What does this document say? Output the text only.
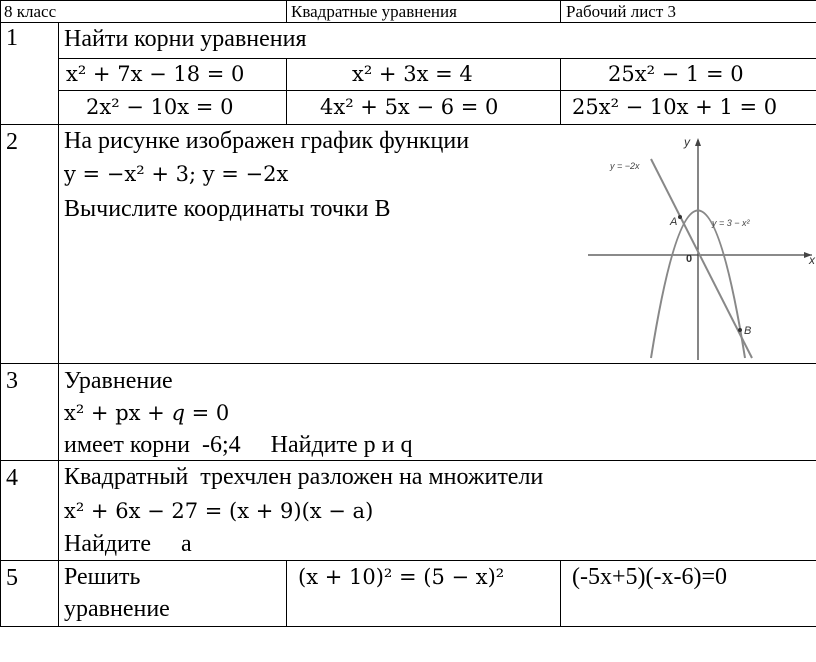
8 класс	Квадратные уравнения	Рабочий лист 3
1 Найти корни уравнения
x² + 7x − 18 = 0	x² + 3x = 4	25x² − 1 = 0
2x² − 10x = 0	4x² + 5x − 6 = 0	25x² − 10x + 1 = 0
2 На рисунке изображен график функции
y = −x² + 3; y = −2x
Вычислите координаты точки B
x
y
0
A
B
y = −2x
y = 3 − x²
3 Уравнение
x² + px + q = 0
имеет корни  -6;4     Найдите p и q
4 Квадратный  трехчлен разложен на множители
x² + 6x − 27 = (x + 9)(x − a)
Найдите     a
5 Решить
уравнение
(x + 10)² = (5 − x)²	(-5x+5)(-x-6)=0
